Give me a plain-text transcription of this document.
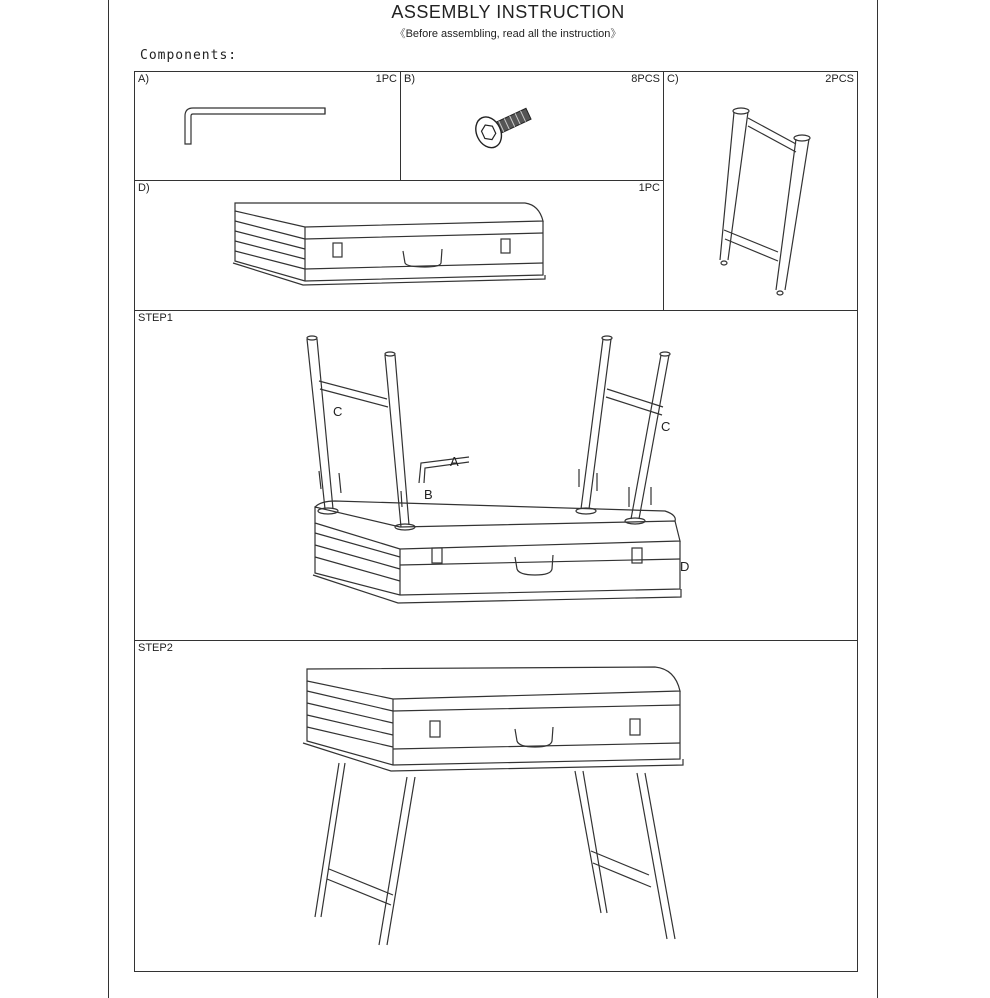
ASSEMBLY INSTRUCTION
《Before assembling, read all the instruction》
Components:
A)	1PC B)	8PCS C)	2PCS
D)	1PC
STEP1
C
C
A
B
D
STEP2
